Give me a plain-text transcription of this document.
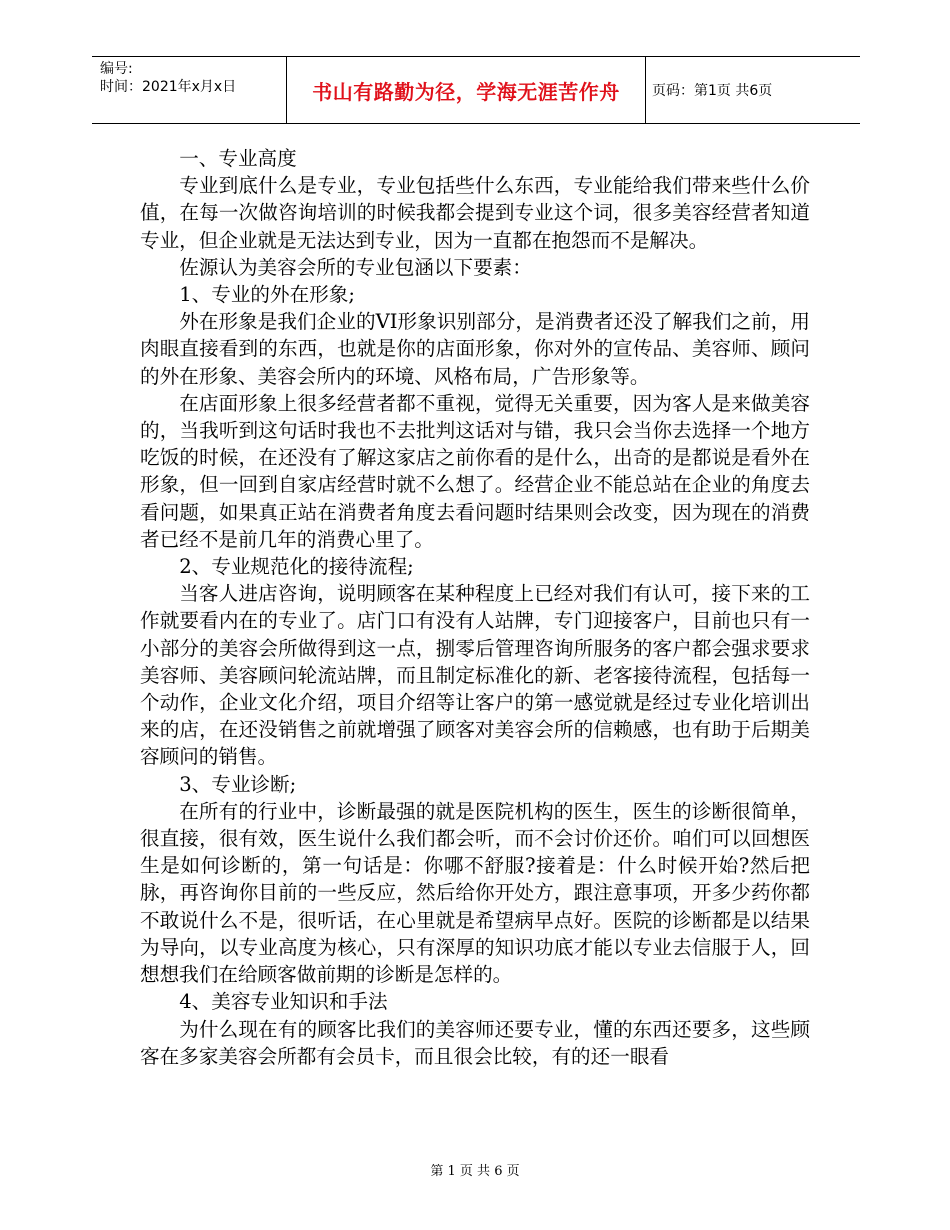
编号:
时间：2021年x月x日	书山有路勤为径，学海无涯苦作舟 页码：第1页 共6页

一、专业高度

专业到底什么是专业，专业包括些什么东西，专业能给我们带来些什么价值，在每一次做咨询培训的时候我都会提到专业这个词，很多美容经营者知道专业，但企业就是无法达到专业，因为一直都在抱怨而不是解决。

佐源认为美容会所的专业包涵以下要素：

1、专业的外在形象;

外在形象是我们企业的VI形象识别部分，是消费者还没了解我们之前，用肉眼直接看到的东西，也就是你的店面形象，你对外的宣传品、美容师、顾问的外在形象、美容会所内的环境、风格布局，广告形象等。

在店面形象上很多经营者都不重视，觉得无关重要，因为客人是来做美容的，当我听到这句话时我也不去批判这话对与错，我只会当你去选择一个地方吃饭的时候，在还没有了解这家店之前你看的是什么，出奇的是都说是看外在形象，但一回到自家店经营时就不么想了。经营企业不能总站在企业的角度去看问题，如果真正站在消费者角度去看问题时结果则会改变，因为现在的消费者已经不是前几年的消费心里了。

2、专业规范化的接待流程;

当客人进店咨询，说明顾客在某种程度上已经对我们有认可，接下来的工作就要看内在的专业了。店门口有没有人站牌，专门迎接客户，目前也只有一小部分的美容会所做得到这一点，捌零后管理咨询所服务的客户都会强求要求美容师、美容顾问轮流站牌，而且制定标准化的新、老客接待流程，包括每一个动作，企业文化介绍，项目介绍等让客户的第一感觉就是经过专业化培训出来的店，在还没销售之前就增强了顾客对美容会所的信赖感，也有助于后期美容顾问的销售。

3、专业诊断;

在所有的行业中，诊断最强的就是医院机构的医生，医生的诊断很简单，很直接，很有效，医生说什么我们都会听，而不会讨价还价。咱们可以回想医生是如何诊断的，第一句话是：你哪不舒服?接着是：什么时候开始?然后把脉，再咨询你目前的一些反应，然后给你开处方，跟注意事项，开多少药你都不敢说什么不是，很听话，在心里就是希望病早点好。医院的诊断都是以结果为导向，以专业高度为核心，只有深厚的知识功底才能以专业去信服于人，回想想我们在给顾客做前期的诊断是怎样的。

4、美容专业知识和手法

为什么现在有的顾客比我们的美容师还要专业，懂的东西还要多，这些顾客在多家美容会所都有会员卡，而且很会比较，有的还一眼看

第 1 页 共 6 页
